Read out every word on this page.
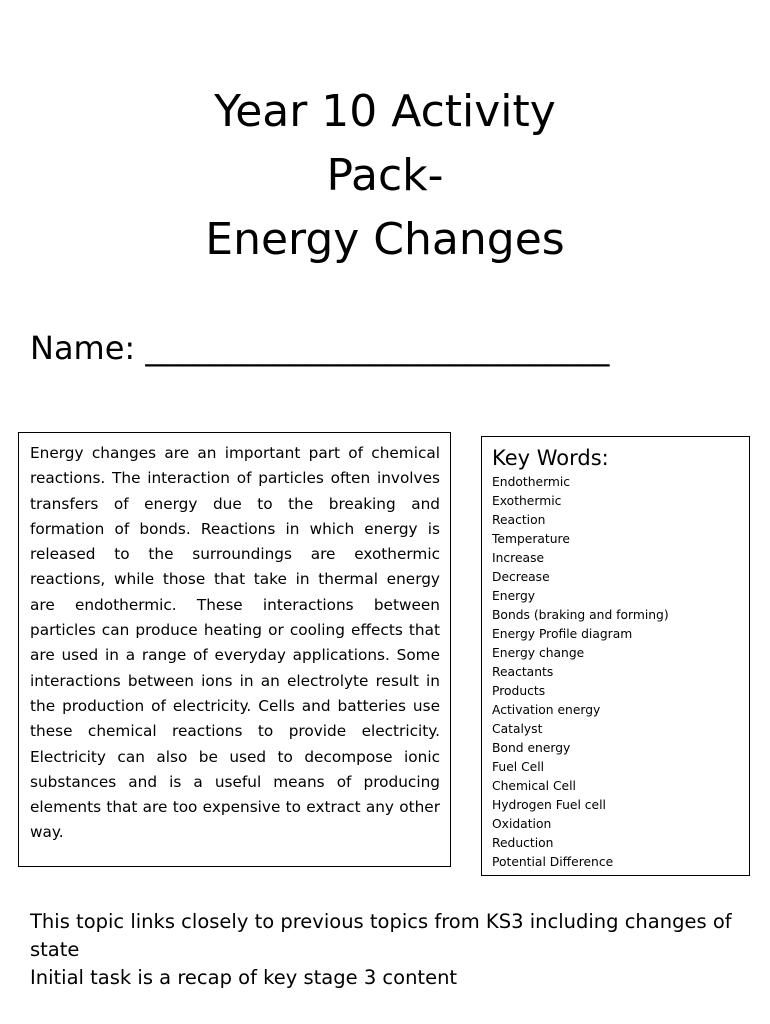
Year 10 Activity
Pack-
Energy Changes
Name: _____________________________

Energy changes are an important part of chemical reactions. The interaction of particles often involves transfers of energy due to the breaking and formation of bonds. Reactions in which energy is released to the surroundings are exothermic reactions, while those that take in thermal energy are endothermic. These interactions between particles can produce heating or cooling effects that are used in a range of everyday applications. Some interactions between ions in an electrolyte result in the production of electricity. Cells and batteries use these chemical reactions to provide electricity. Electricity can also be used to decompose ionic substances and is a useful means of producing elements that are too expensive to extract any other way.

Key Words:
Endothermic
Exothermic
Reaction
Temperature
Increase
Decrease
Energy
Bonds (braking and forming)
Energy Profile diagram
Energy change
Reactants
Products
Activation energy
Catalyst
Bond energy
Fuel Cell
Chemical Cell
Hydrogen Fuel cell
Oxidation
Reduction
Potential Difference

This topic links closely to previous topics from KS3 including changes of state

Initial task is a recap of key stage 3 content
